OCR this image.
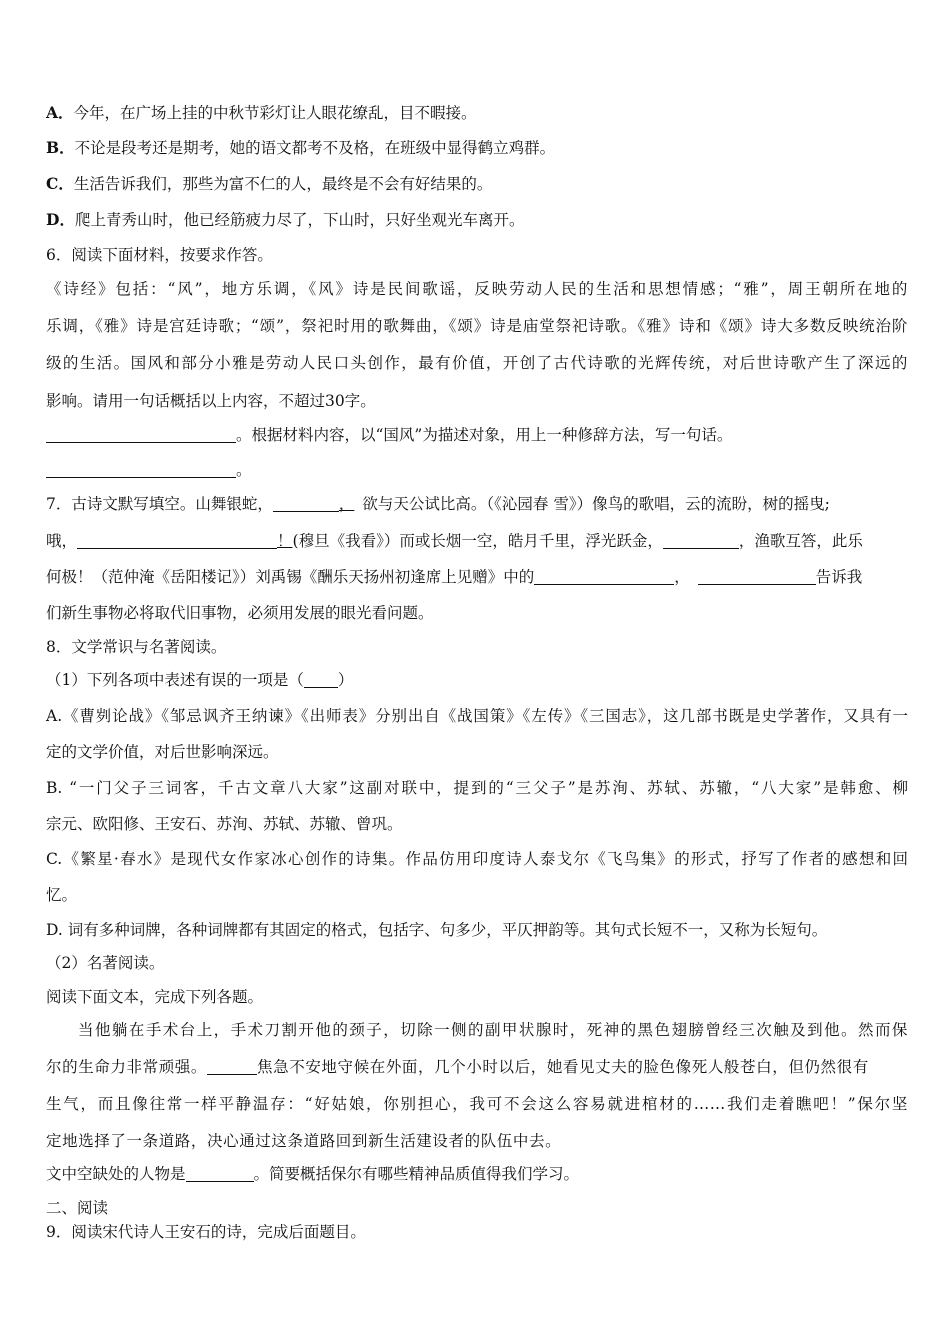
A．今年，在广场上挂的中秋节彩灯让人眼花缭乱，目不暇接。
B．不论是段考还是期考，她的语文都考不及格，在班级中显得鹤立鸡群。
C．生活告诉我们，那些为富不仁的人，最终是不会有好结果的。
D．爬上青秀山时，他已经筋疲力尽了，下山时，只好坐观光车离开。
6．阅读下面材料，按要求作答。
《诗经》包括：“风”，地方乐调，《风》诗是民间歌谣，反映劳动人民的生活和思想情感；“雅”，周王朝所在地的
乐调，《雅》诗是宫廷诗歌；“颂”，祭祀时用的歌舞曲，《颂》诗是庙堂祭祀诗歌。《雅》诗和《颂》诗大多数反映统治阶
级的生活。国风和部分小雅是劳动人民口头创作，最有价值，开创了古代诗歌的光辉传统，对后世诗歌产生了深远的
影响。请用一句话概括以上内容，不超过30字。
。根据材料内容，以“国风”为描述对象，用上一种修辞方法，写一句话。
。
7．古诗文默写填空。山舞银蛇，	， 欲与天公试比高。（《沁园春 雪》）像鸟的歌唱，云的流盼，树的摇曳;
哦，	！(穆旦《我看》）而或长烟一空，皓月千里，浮光跃金，	，渔歌互答，此乐
何极！（范仲淹《岳阳楼记》）刘禹锡《酬乐天扬州初逢席上见赠》中的	，	告诉我
们新生事物必将取代旧事物，必须用发展的眼光看问题。
8．文学常识与名著阅读。
（1）下列各项中表述有误的一项是（ ）
A.《曹刿论战》《邹忌讽齐王纳谏》《出师表》分别出自《战国策》《左传》《三国志》，这几部书既是史学著作，又具有一
定的文学价值，对后世影响深远。
B. “一门父子三词客，千古文章八大家”这副对联中，提到的“三父子”是苏洵、苏轼、苏辙，“八大家”是韩愈、柳
宗元、欧阳修、王安石、苏洵、苏轼、苏辙、曾巩。
C.《繁星·春水》是现代女作家冰心创作的诗集。作品仿用印度诗人泰戈尔《飞鸟集》的形式，抒写了作者的感想和回
忆。
D. 词有多种词牌，各种词牌都有其固定的格式，包括字、句多少，平仄押韵等。其句式长短不一，又称为长短句。
（2）名著阅读。
阅读下面文本，完成下列各题。
当他躺在手术台上，手术刀割开他的颈子，切除一侧的副甲状腺时，死神的黑色翅膀曾经三次触及到他。然而保
尔的生命力非常顽强。	焦急不安地守候在外面，几个小时以后，她看见丈夫的脸色像死人般苍白，但仍然很有
生气，而且像往常一样平静温存：“好姑娘，你别担心，我可不会这么容易就进棺材的……我们走着瞧吧！”保尔坚
定地选择了一条道路，决心通过这条道路回到新生活建设者的队伍中去。
文中空缺处的人物是	。简要概括保尔有哪些精神品质值得我们学习。
二、阅读
9．阅读宋代诗人王安石的诗，完成后面题目。
